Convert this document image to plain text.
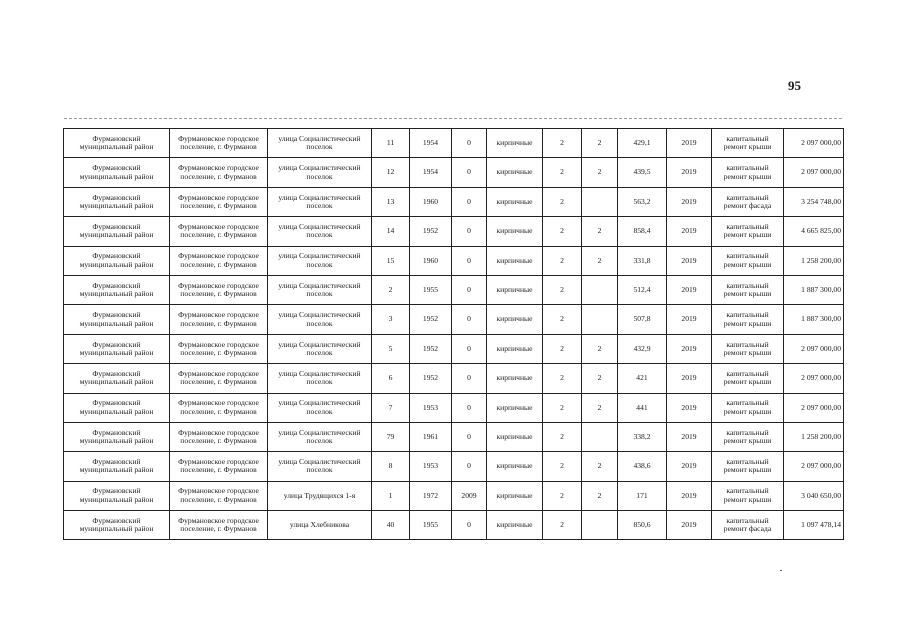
95
Фурмановский муниципальный район	Фурмановское городское поселение, г. Фурманов	улица Социалистический поселок	11	1954	0	кирпичные	2	2	429,1	2019	капитальный ремонт крыши	2 097 000,00
Фурмановский муниципальный район	Фурмановское городское поселение, г. Фурманов	улица Социалистический поселок	12	1954	0	кирпичные	2	2	439,5	2019	капитальный ремонт крыши	2 097 000,00
Фурмановский муниципальный район	Фурмановское городское поселение, г. Фурманов	улица Социалистический поселок	13	1960	0	кирпичные	2		563,2	2019	капитальный ремонт фасада	3 254 748,00
Фурмановский муниципальный район	Фурмановское городское поселение, г. Фурманов	улица Социалистический поселок	14	1952	0	кирпичные	2	2	858,4	2019	капитальный ремонт крыши	4 665 825,00
Фурмановский муниципальный район	Фурмановское городское поселение, г. Фурманов	улица Социалистический поселок	15	1960	0	кирпичные	2	2	331,8	2019	капитальный ремонт крыши	1 258 200,00
Фурмановский муниципальный район	Фурмановское городское поселение, г. Фурманов	улица Социалистический поселок	2	1955	0	кирпичные	2		512,4	2019	капитальный ремонт крыши	1 887 300,00
Фурмановский муниципальный район	Фурмановское городское поселение, г. Фурманов	улица Социалистический поселок	3	1952	0	кирпичные	2		507,8	2019	капитальный ремонт крыши	1 887 300,00
Фурмановский муниципальный район	Фурмановское городское поселение, г. Фурманов	улица Социалистический поселок	5	1952	0	кирпичные	2	2	432,9	2019	капитальный ремонт крыши	2 097 000,00
Фурмановский муниципальный район	Фурмановское городское поселение, г. Фурманов	улица Социалистический поселок	6	1952	0	кирпичные	2	2	421	2019	капитальный ремонт крыши	2 097 000,00
Фурмановский муниципальный район	Фурмановское городское поселение, г. Фурманов	улица Социалистический поселок	7	1953	0	кирпичные	2	2	441	2019	капитальный ремонт крыши	2 097 000,00
Фурмановский муниципальный район	Фурмановское городское поселение, г. Фурманов	улица Социалистический поселок	79	1961	0	кирпичные	2		338,2	2019	капитальный ремонт крыши	1 258 200,00
Фурмановский муниципальный район	Фурмановское городское поселение, г. Фурманов	улица Социалистический поселок	8	1953	0	кирпичные	2	2	438,6	2019	капитальный ремонт крыши	2 097 000,00
Фурмановский муниципальный район	Фурмановское городское поселение, г. Фурманов	улица Трудящихся 1-я	1	1972	2009	кирпичные	2	2	171	2019	капитальный ремонт крыши	3 040 650,00
Фурмановский муниципальный район	Фурмановское городское поселение, г. Фурманов	улица Хлебникова	40	1955	0	кирпичные	2		850,6	2019	капитальный ремонт фасада	1 097 478,14
